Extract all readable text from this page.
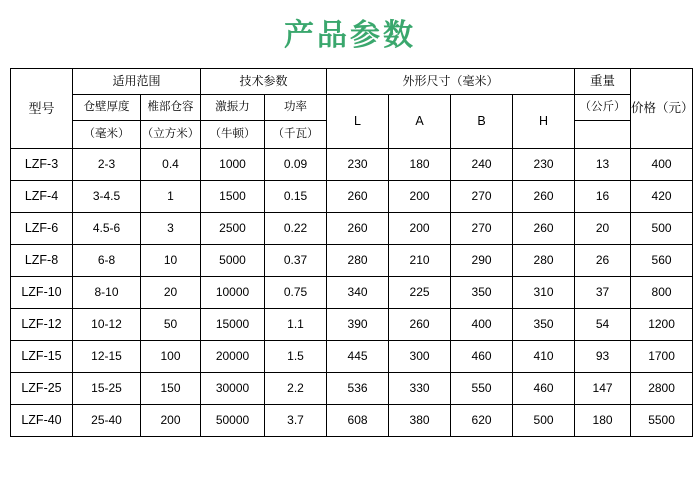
产品参数
型号	适用范围		技术参数		外形尺寸（毫米）				重量	价格（元）
	仓壁厚度	椎部仓容	激振力	功率	L	A	B	H	（公斤）	
	（毫米）	（立方米）	（牛顿）	（千瓦）						
LZF-3	2-3	0.4	1000	0.09	230	180	240	230	13	400
LZF-4	3-4.5	1	1500	0.15	260	200	270	260	16	420
LZF-6	4.5-6	3	2500	0.22	260	200	270	260	20	500
LZF-8	6-8	10	5000	0.37	280	210	290	280	26	560
LZF-10	8-10	20	10000	0.75	340	225	350	310	37	800
LZF-12	10-12	50	15000	1.1	390	260	400	350	54	1200
LZF-15	12-15	100	20000	1.5	445	300	460	410	93	1700
LZF-25	15-25	150	30000	2.2	536	330	550	460	147	2800
LZF-40	25-40	200	50000	3.7	608	380	620	500	180	5500
